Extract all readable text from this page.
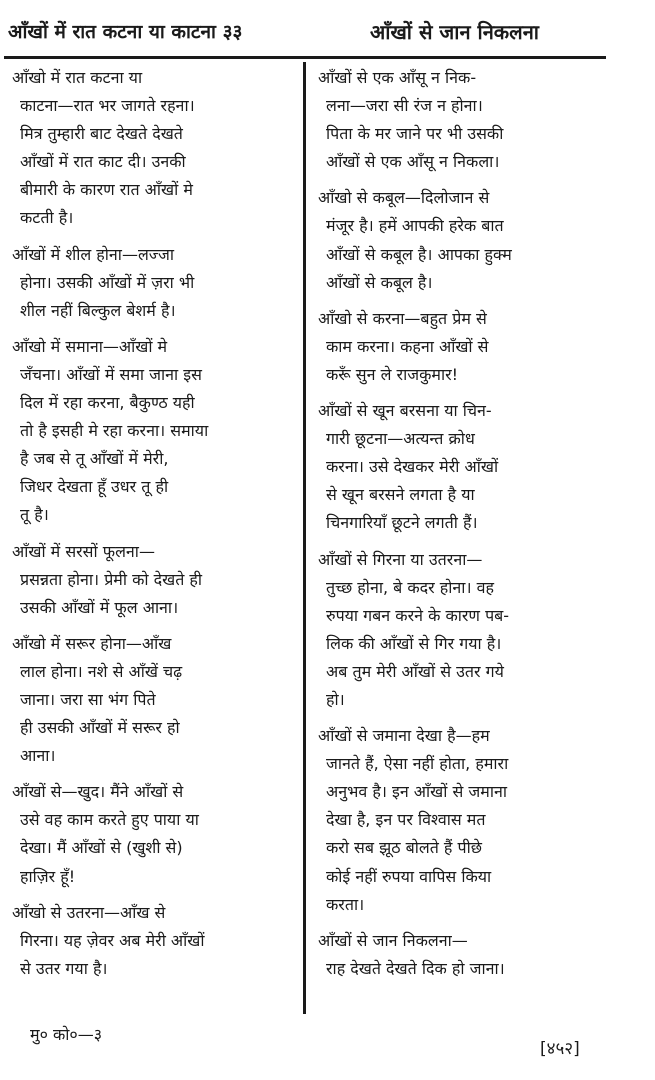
आँखों में रात कटना या काटना ३३	आँखों से जान निकलना
आँखो में रात कटना या
काटना—रात भर जागते रहना।
मित्र तुम्हारी बाट देखते देखते
आँखों में रात काट दी। उनकी
बीमारी के कारण रात आँखों मे
कटती है।
आँखों में शील होना—लज्जा
होना। उसकी आँखों में ज़रा भी
शील नहीं बिल्कुल बेशर्म है।
आँखो में समाना—आँखों मे
जँचना। आँखों में समा जाना इस
दिल में रहा करना, बैकुण्ठ यही
तो है इसही मे रहा करना। समाया
है जब से तू आँखों में मेरी,
जिधर देखता हूँ उधर तू ही
तू है।
आँखों में सरसों फूलना—
प्रसन्नता होना। प्रेमी को देखते ही
उसकी आँखों में फूल आना।
आँखो में सरूर होना—आँख
लाल होना। नशे से आँखें चढ़
जाना। जरा सा भंग पिते
ही उसकी आँखों में सरूर हो
आना।
आँखों से—खुद। मैंने आँखों से
उसे वह काम करते हुए पाया या
देखा। मैं आँखों से (खुशी से)
हाज़िर हूँ!
आँखो से उतरना—आँख से
गिरना। यह ज़ेवर अब मेरी आँखों
से उतर गया है।
आँखों से एक आँसू न निक-
लना—जरा सी रंज न होना।
पिता के मर जाने पर भी उसकी
आँखों से एक आँसू न निकला।
आँखो से कबूल—दिलोजान से
मंजूर है। हमें आपकी हरेक बात
आँखों से कबूल है। आपका हुक्म
आँखों से कबूल है।
आँखो से करना—बहुत प्रेम से
काम करना। कहना आँखों से
करूँ सुन ले राजकुमार!
आँखों से खून बरसना या चिन-
गारी छूटना—अत्यन्त क्रोध
करना। उसे देखकर मेरी आँखों
से खून बरसने लगता है या
चिनगारियाँ छूटने लगती हैं।
आँखों से गिरना या उतरना—
तुच्छ होना, बे कदर होना। वह
रुपया गबन करने के कारण पब-
लिक की आँखों से गिर गया है।
अब तुम मेरी आँखों से उतर गये
हो।
आँखों से जमाना देखा है—हम
जानते हैं, ऐसा नहीं होता, हमारा
अनुभव है। इन आँखों से जमाना
देखा है, इन पर विश्वास मत
करो सब झूठ बोलते हैं पीछे
कोई नहीं रुपया वापिस किया
करता।
आँखों से जान निकलना—
राह देखते देखते दिक हो जाना।
मु० को०—३
[४५२]
